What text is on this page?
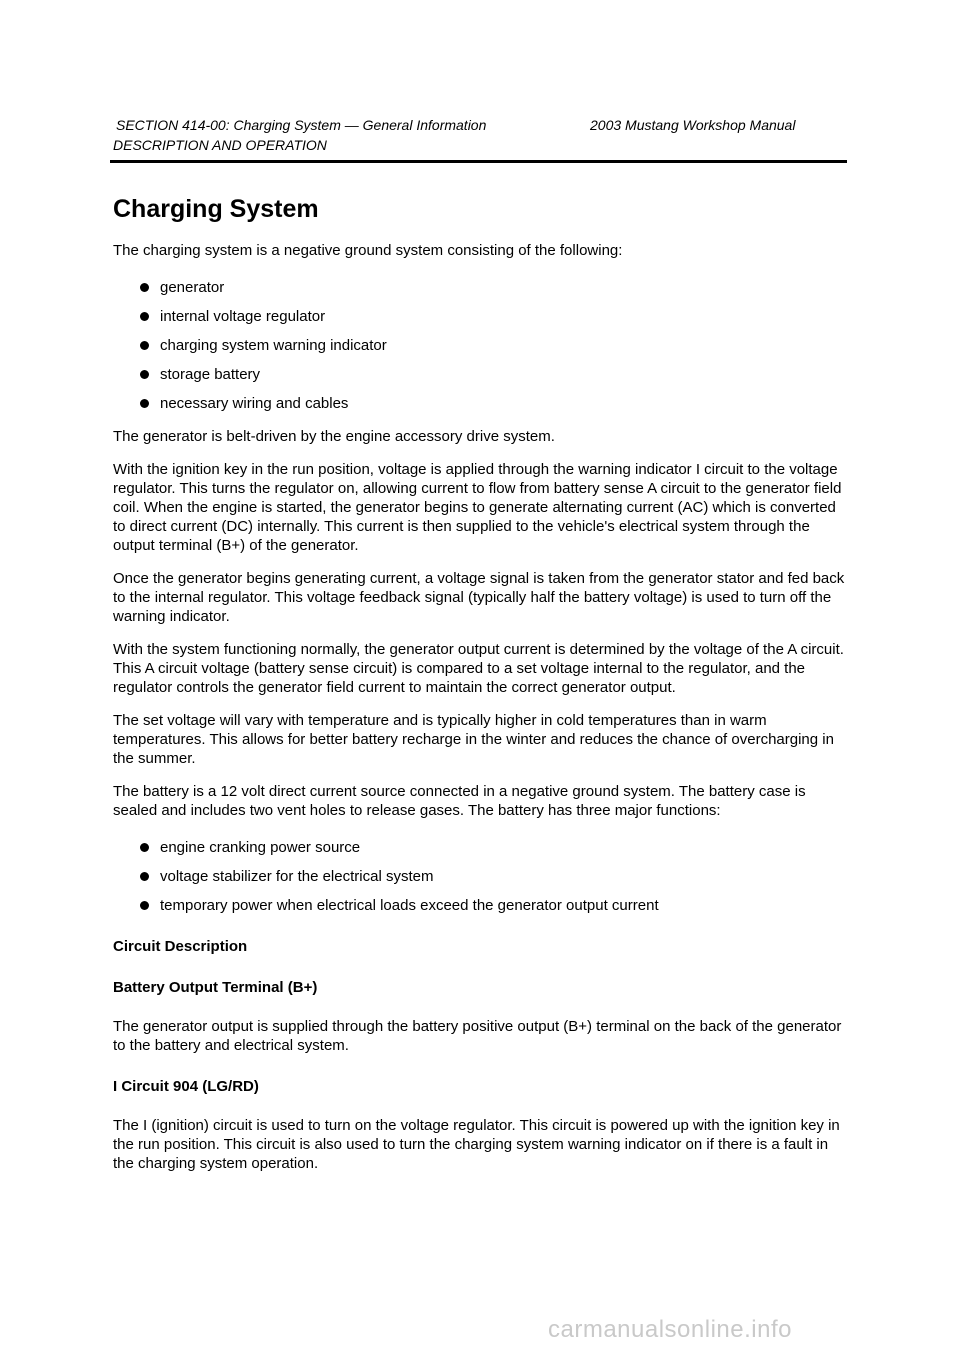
SECTION 414-00: Charging System — General Information	2003 Mustang Workshop Manual
DESCRIPTION AND OPERATION
Charging System

The charging system is a negative ground system consisting of the following:

generator
internal voltage regulator
charging system warning indicator
storage battery
necessary wiring and cables

The generator is belt-driven by the engine accessory drive system.

With the ignition key in the run position, voltage is applied through the warning indicator I circuit to the voltage regulator. This turns the regulator on, allowing current to flow from battery sense A circuit to the generator field coil. When the engine is started, the generator begins to generate alternating current (AC) which is converted to direct current (DC) internally. This current is then supplied to the vehicle's electrical system through the output terminal (B+) of the generator.

Once the generator begins generating current, a voltage signal is taken from the generator stator and fed back to the internal regulator. This voltage feedback signal (typically half the battery voltage) is used to turn off the warning indicator.

With the system functioning normally, the generator output current is determined by the voltage of the A circuit. This A circuit voltage (battery sense circuit) is compared to a set voltage internal to the regulator, and the regulator controls the generator field current to maintain the correct generator output.

The set voltage will vary with temperature and is typically higher in cold temperatures than in warm temperatures. This allows for better battery recharge in the winter and reduces the chance of overcharging in the summer.

The battery is a 12 volt direct current source connected in a negative ground system. The battery case is sealed and includes two vent holes to release gases. The battery has three major functions:

engine cranking power source
voltage stabilizer for the electrical system
temporary power when electrical loads exceed the generator output current
Circuit Description
Battery Output Terminal (B+)

The generator output is supplied through the battery positive output (B+) terminal on the back of the generator to the battery and electrical system.

I Circuit 904 (LG/RD)

The I (ignition) circuit is used to turn on the voltage regulator. This circuit is powered up with the ignition key in the run position. This circuit is also used to turn the charging system warning indicator on if there is a fault in the charging system operation.

carmanualsonline.info
